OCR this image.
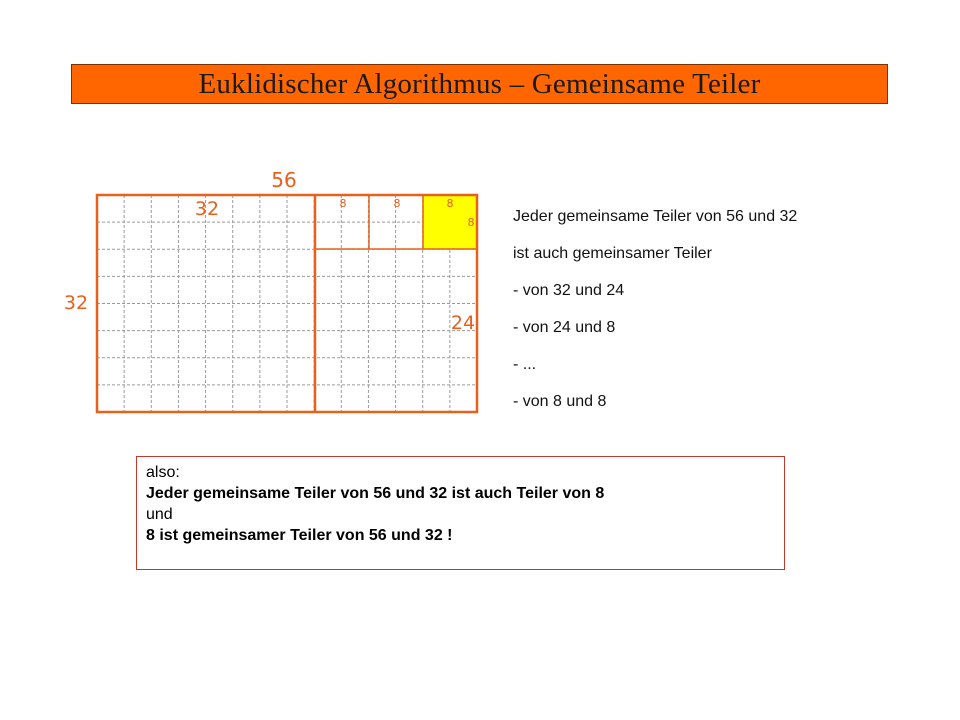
Euklidischer Algorithmus – Gemeinsame Teiler
56
32
32
24
8	8	8
8 Jeder gemeinsame Teiler von 56 und 32
ist auch gemeinsamer Teiler
- von 32 und 24
- von 24 und 8
- ...
- von 8 und 8
also:
Jeder gemeinsame Teiler von 56 und 32 ist auch Teiler von 8
und
8 ist gemeinsamer Teiler von 56 und 32 !
